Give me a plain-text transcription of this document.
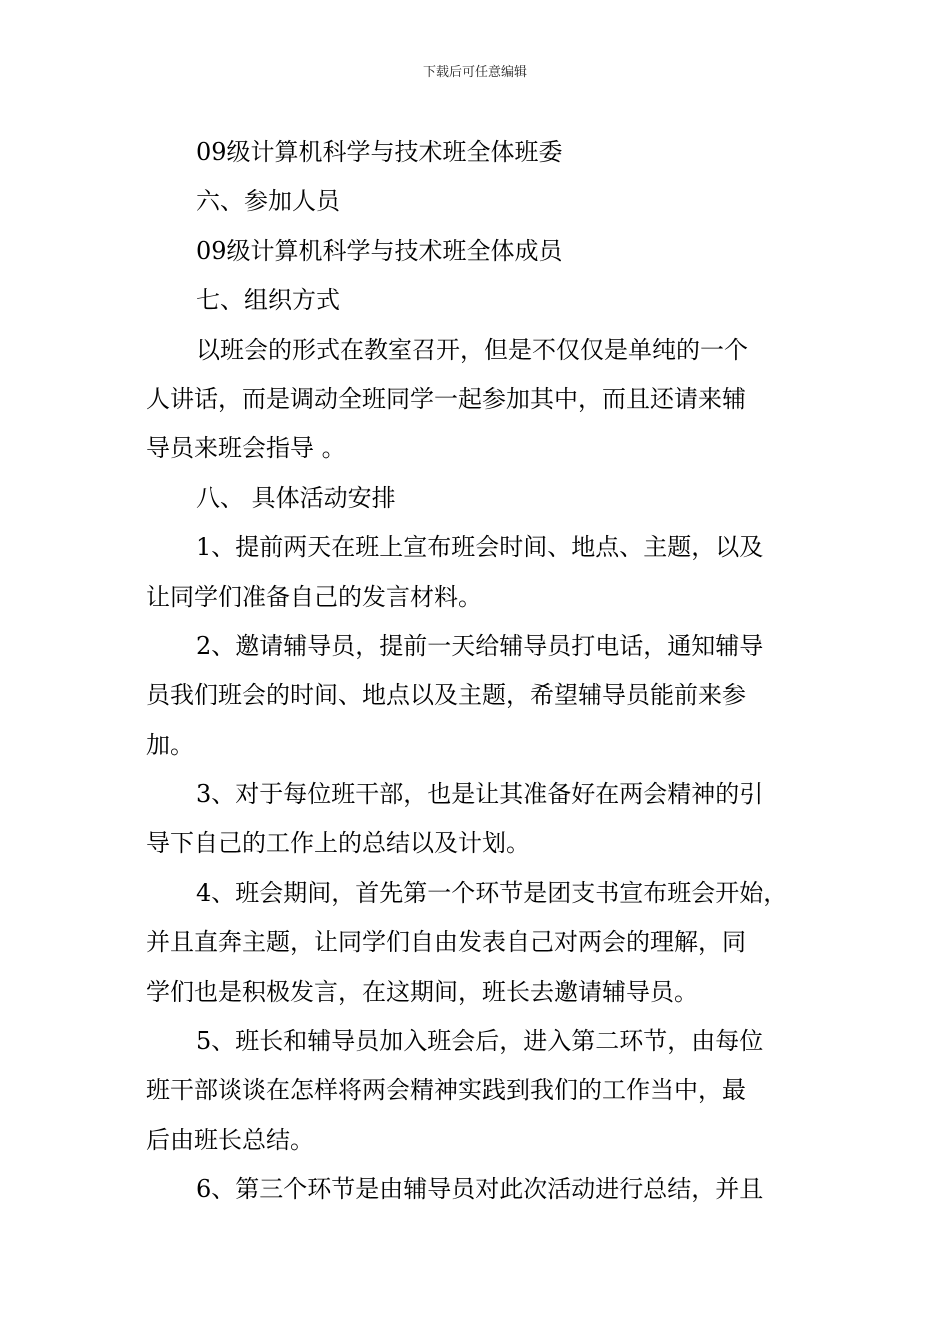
下载后可任意编辑
09级计算机科学与技术班全体班委
六、参加人员
09级计算机科学与技术班全体成员
七、组织方式
以班会的形式在教室召开，但是不仅仅是单纯的一个
人讲话，而是调动全班同学一起参加其中，而且还请来辅
导员来班会指导 。
八、 具体活动安排
1、提前两天在班上宣布班会时间、地点、主题，以及
让同学们准备自己的发言材料。
2、邀请辅导员，提前一天给辅导员打电话，通知辅导
员我们班会的时间、地点以及主题，希望辅导员能前来参
加。
3、对于每位班干部，也是让其准备好在两会精神的引
导下自己的工作上的总结以及计划。
4、班会期间，首先第一个环节是团支书宣布班会开始，
并且直奔主题，让同学们自由发表自己对两会的理解，同
学们也是积极发言，在这期间，班长去邀请辅导员。
5、班长和辅导员加入班会后，进入第二环节，由每位
班干部谈谈在怎样将两会精神实践到我们的工作当中，最
后由班长总结。
6、第三个环节是由辅导员对此次活动进行总结，并且
